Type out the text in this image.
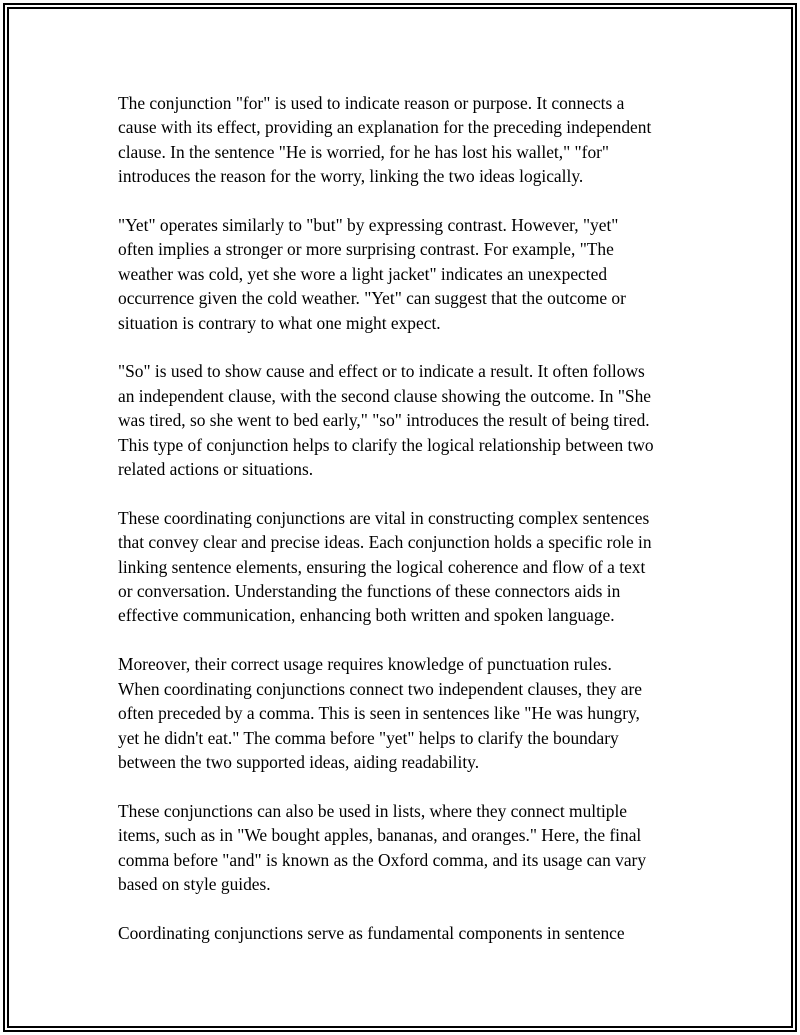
The conjunction "for" is used to indicate reason or purpose. It connects a
cause with its effect, providing an explanation for the preceding independent
clause. In the sentence "He is worried, for he has lost his wallet," "for"
introduces the reason for the worry, linking the two ideas logically.

"Yet" operates similarly to "but" by expressing contrast. However, "yet"
often implies a stronger or more surprising contrast. For example, "The
weather was cold, yet she wore a light jacket" indicates an unexpected
occurrence given the cold weather. "Yet" can suggest that the outcome or
situation is contrary to what one might expect.

"So" is used to show cause and effect or to indicate a result. It often follows
an independent clause, with the second clause showing the outcome. In "She
was tired, so she went to bed early," "so" introduces the result of being tired.
This type of conjunction helps to clarify the logical relationship between two
related actions or situations.

These coordinating conjunctions are vital in constructing complex sentences
that convey clear and precise ideas. Each conjunction holds a specific role in
linking sentence elements, ensuring the logical coherence and flow of a text
or conversation. Understanding the functions of these connectors aids in
effective communication, enhancing both written and spoken language.

Moreover, their correct usage requires knowledge of punctuation rules.
When coordinating conjunctions connect two independent clauses, they are
often preceded by a comma. This is seen in sentences like "He was hungry,
yet he didn't eat." The comma before "yet" helps to clarify the boundary
between the two supported ideas, aiding readability.

These conjunctions can also be used in lists, where they connect multiple
items, such as in "We bought apples, bananas, and oranges." Here, the final
comma before "and" is known as the Oxford comma, and its usage can vary
based on style guides.

Coordinating conjunctions serve as fundamental components in sentence
